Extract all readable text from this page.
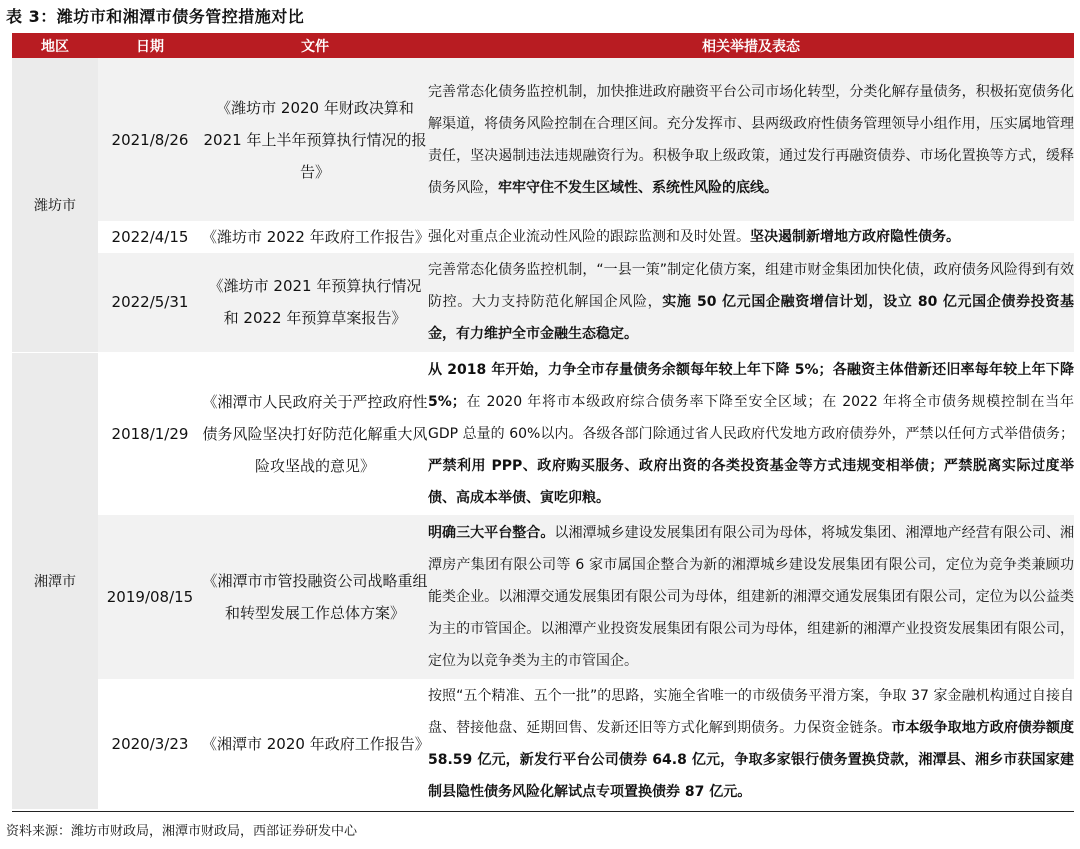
表 3：潍坊市和湘潭市债务管控措施对比
地区	日期	文件	相关举措及表态
潍坊市	2021/8/26	《潍坊市 2020 年财政决算和 2021 年上半年预算执行情况的报告》	完善常态化债务监控机制，加快推进政府融资平台公司市场化转型，分类化解存量债务，积极拓宽债务化解渠道，将债务风险控制在合理区间。充分发挥市、县两级政府性债务管理领导小组作用，压实属地管理责任，坚决遏制违法违规融资行为。积极争取上级政策，通过发行再融资债券、市场化置换等方式，缓释债务风险，牢牢守住不发生区域性、系统性风险的底线。
	2022/4/15	《潍坊市 2022 年政府工作报告》	强化对重点企业流动性风险的跟踪监测和及时处置。坚决遏制新增地方政府隐性债务。
	2022/5/31	《潍坊市 2021 年预算执行情况和 2022 年预算草案报告》	完善常态化债务监控机制，“一县一策”制定化债方案，组建市财金集团加快化债，政府债务风险得到有效防控。大力支持防范化解国企风险，实施 50 亿元国企融资增信计划，设立 80 亿元国企债券投资基金，有力维护全市金融生态稳定。
湘潭市	2018/1/29	《湘潭市人民政府关于严控政府性债务风险坚决打好防范化解重大风险攻坚战的意见》	从 2018 年开始，力争全市存量债务余额每年较上年下降 5%；各融资主体借新还旧率每年较上年下降 5%；在 2020 年将市本级政府综合债务率下降至安全区域；在 2022 年将全市债务规模控制在当年 GDP 总量的 60%以内。各级各部门除通过省人民政府代发地方政府债券外，严禁以任何方式举借债务；严禁利用 PPP、政府购买服务、政府出资的各类投资基金等方式违规变相举债；严禁脱离实际过度举债、高成本举债、寅吃卯粮。
	2019/08/15	《湘潭市市管投融资公司战略重组和转型发展工作总体方案》	明确三大平台整合。以湘潭城乡建设发展集团有限公司为母体，将城发集团、湘潭地产经营有限公司、湘潭房产集团有限公司等 6 家市属国企整合为新的湘潭城乡建设发展集团有限公司，定位为竞争类兼顾功能类企业。以湘潭交通发展集团有限公司为母体，组建新的湘潭交通发展集团有限公司，定位为以公益类为主的市管国企。以湘潭产业投资发展集团有限公司为母体，组建新的湘潭产业投资发展集团有限公司，定位为以竞争类为主的市管国企。
	2020/3/23	《湘潭市 2020 年政府工作报告》	按照“五个精准、五个一批”的思路，实施全省唯一的市级债务平滑方案，争取 37 家金融机构通过自接自盘、替接他盘、延期回售、发新还旧等方式化解到期债务。力保资金链条。市本级争取地方政府债券额度 58.59 亿元，新发行平台公司债券 64.8 亿元，争取多家银行债务置换贷款，湘潭县、湘乡市获国家建制县隐性债务风险化解试点专项置换债券 87 亿元。
资料来源：潍坊市财政局，湘潭市财政局，西部证券研发中心
